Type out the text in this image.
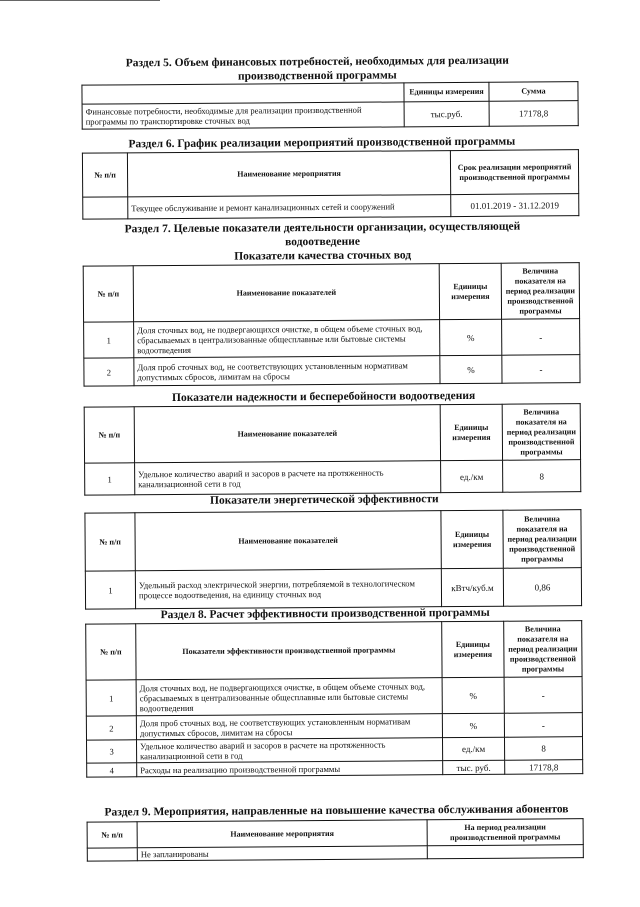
Раздел 5. Объем финансовых потребностей, необходимых для реализации
производственной программы
	Единицы измерения	Сумма
Финансовые потребности, необходимые для реализации производственной программы по транспортировке сточных вод	тыс.руб.	17178,8
Раздел 6. График реализации мероприятий производственной программы
№ п/п	Наименование мероприятия	Срок реализации мероприятий производственной программы
	Текущее обслуживание и ремонт канализационных сетей и сооружений	01.01.2019 - 31.12.2019
Раздел 7. Целевые показатели деятельности организации, осуществляющей
водоотведение
Показатели качества сточных вод
№ п/п	Наименование показателей	Единицы измерения	Величина показателя на период реализации производственной программы
1	Доля сточных вод, не подвергающихся очистке, в общем объеме сточных вод, сбрасываемых в централизованные общесплавные или бытовые системы водоотведения	%	-
2	Доля проб сточных вод, не соответствующих установленным нормативам допустимых сбросов, лимитам на сбросы	%	-
Показатели надежности и бесперебойности водоотведения
№ п/п	Наименование показателей	Единицы измерения	Величина показателя на период реализации производственной программы
1	Удельное количество аварий и засоров в расчете на протяженность канализационной сети в год	ед./км	8
Показатели энергетической эффективности
№ п/п	Наименование показателей	Единицы измерения	Величина показателя на период реализации производственной программы
1	Удельный расход электрической энергии, потребляемой в технологическом процессе водоотведения, на единицу сточных вод	кВтч/куб.м	0,86
Раздел 8. Расчет эффективности производственной программы
№ п/п	Показатели эффективности производственной программы	Единицы измерения	Величина показателя на период реализации производственной программы
1	Доля сточных вод, не подвергающихся очистке, в общем объеме сточных вод, сбрасываемых в централизованные общесплавные или бытовые системы водоотведения	%	-
2	Доля проб сточных вод, не соответствующих установленным нормативам допустимых сбросов, лимитам на сбросы	%	-
3	Удельное количество аварий и засоров в расчете на протяженность канализационной сети в год	ед./км	8
4	Расходы на реализацию производственной программы	тыс. руб.	17178,8
Раздел 9. Мероприятия, направленные на повышение качества обслуживания абонентов
№ п/п	Наименование мероприятия	На период реализации производственной программы
	Не запланированы	
